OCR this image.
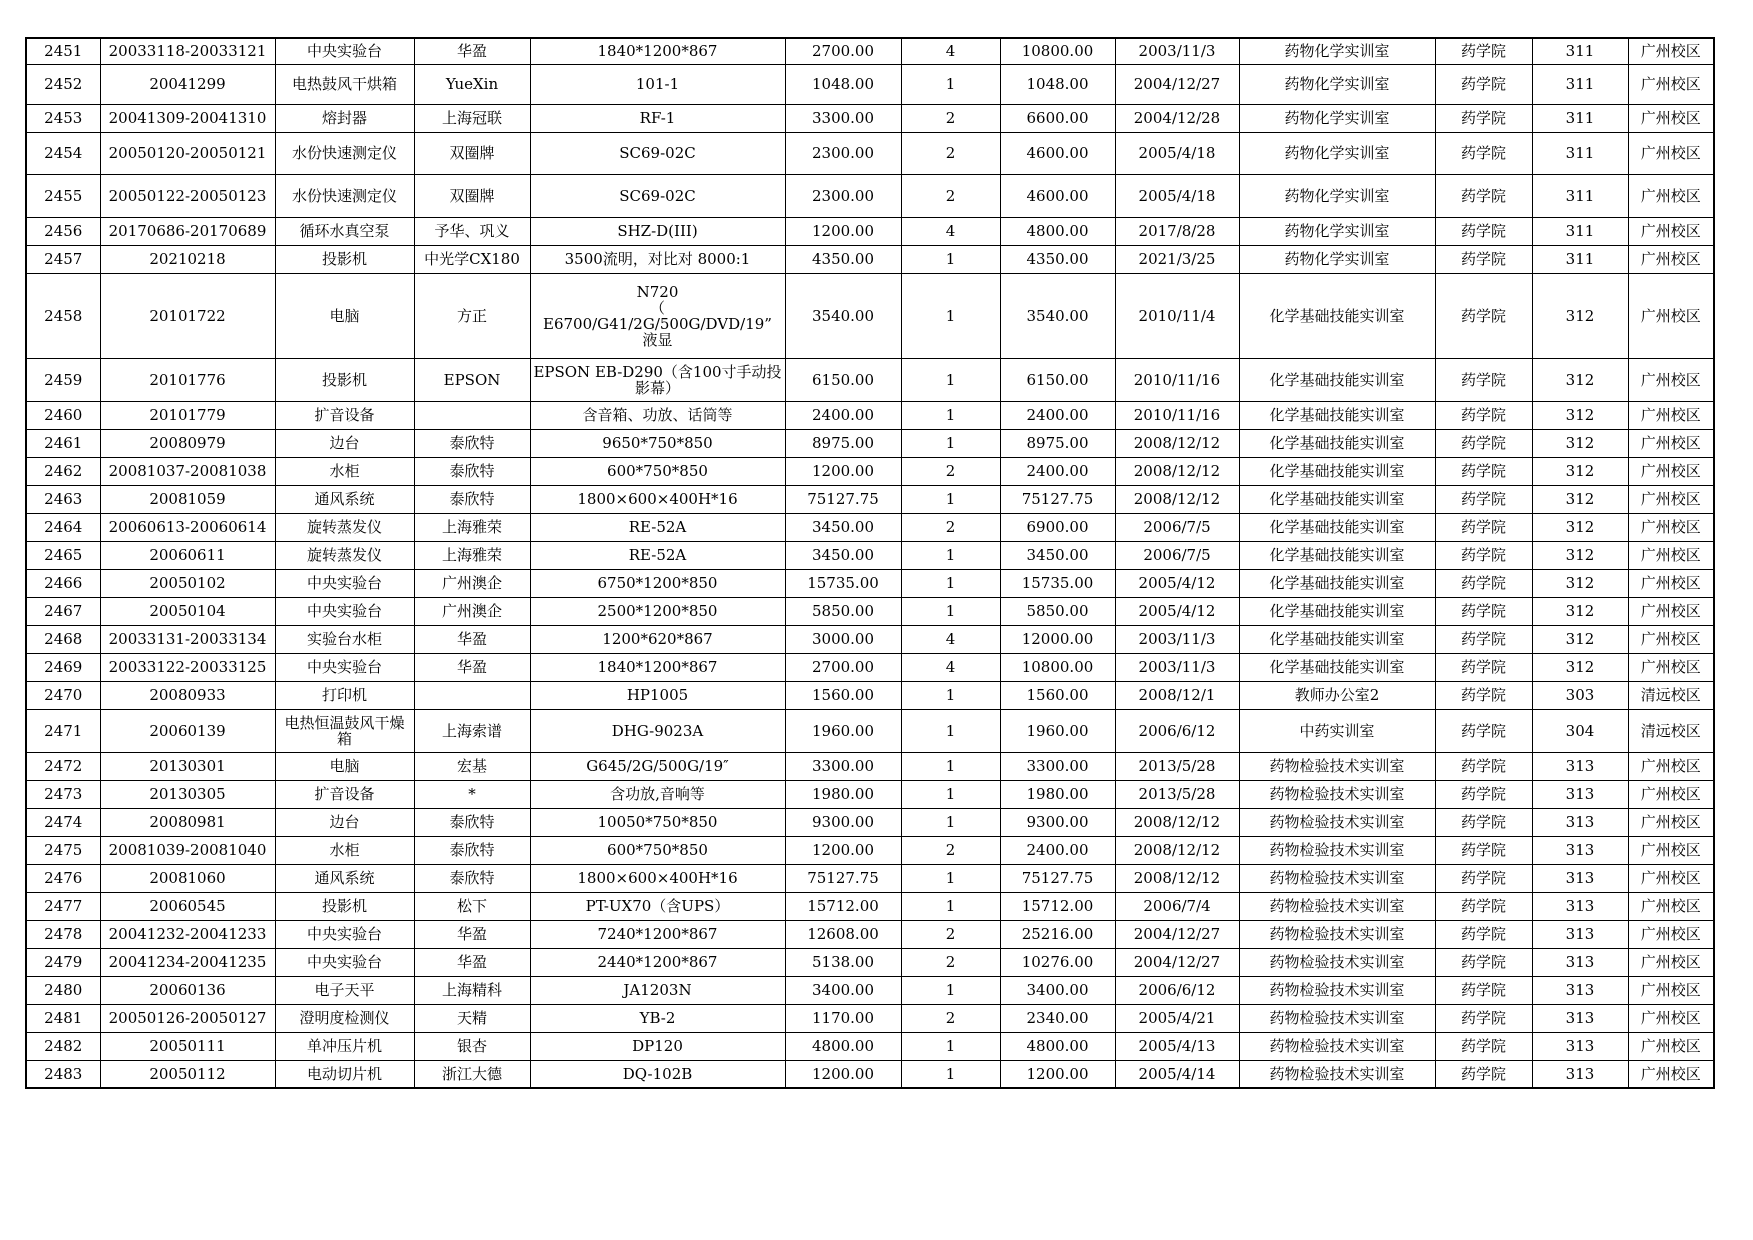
2451	20033118-20033121	中央实验台	华盈	1840*1200*867	2700.00	4	10800.00	2003/11/3	药物化学实训室	药学院	311	广州校区
2452	20041299	电热鼓风干烘箱	YueXin	101-1	1048.00	1	1048.00	2004/12/27	药物化学实训室	药学院	311	广州校区
2453	20041309-20041310	熔封器	上海冠联	RF-1	3300.00	2	6600.00	2004/12/28	药物化学实训室	药学院	311	广州校区
2454	20050120-20050121	水份快速测定仪	双圈牌	SC69-02C	2300.00	2	4600.00	2005/4/18	药物化学实训室	药学院	311	广州校区
2455	20050122-20050123	水份快速测定仪	双圈牌	SC69-02C	2300.00	2	4600.00	2005/4/18	药物化学实训室	药学院	311	广州校区
2456	20170686-20170689	循环水真空泵	予华、巩义	SHZ-D(III)	1200.00	4	4800.00	2017/8/28	药物化学实训室	药学院	311	广州校区
2457	20210218	投影机	中光学CX180	3500流明，对比对 8000:1	4350.00	1	4350.00	2021/3/25	药物化学实训室	药学院	311	广州校区
2458	20101722	电脑	方正	N720
（
E6700/G41/2G/500G/DVD/19”
液显	3540.00	1	3540.00	2010/11/4	化学基础技能实训室	药学院	312	广州校区
2459	20101776	投影机	EPSON	EPSON EB-D290（含100寸手动投影幕）	6150.00	1	6150.00	2010/11/16	化学基础技能实训室	药学院	312	广州校区
2460	20101779	扩音设备		含音箱、功放、话筒等	2400.00	1	2400.00	2010/11/16	化学基础技能实训室	药学院	312	广州校区
2461	20080979	边台	泰欣特	9650*750*850	8975.00	1	8975.00	2008/12/12	化学基础技能实训室	药学院	312	广州校区
2462	20081037-20081038	水柜	泰欣特	600*750*850	1200.00	2	2400.00	2008/12/12	化学基础技能实训室	药学院	312	广州校区
2463	20081059	通风系统	泰欣特	1800×600×400H*16	75127.75	1	75127.75	2008/12/12	化学基础技能实训室	药学院	312	广州校区
2464	20060613-20060614	旋转蒸发仪	上海雅荣	RE-52A	3450.00	2	6900.00	2006/7/5	化学基础技能实训室	药学院	312	广州校区
2465	20060611	旋转蒸发仪	上海雅荣	RE-52A	3450.00	1	3450.00	2006/7/5	化学基础技能实训室	药学院	312	广州校区
2466	20050102	中央实验台	广州澳企	6750*1200*850	15735.00	1	15735.00	2005/4/12	化学基础技能实训室	药学院	312	广州校区
2467	20050104	中央实验台	广州澳企	2500*1200*850	5850.00	1	5850.00	2005/4/12	化学基础技能实训室	药学院	312	广州校区
2468	20033131-20033134	实验台水柜	华盈	1200*620*867	3000.00	4	12000.00	2003/11/3	化学基础技能实训室	药学院	312	广州校区
2469	20033122-20033125	中央实验台	华盈	1840*1200*867	2700.00	4	10800.00	2003/11/3	化学基础技能实训室	药学院	312	广州校区
2470	20080933	打印机		HP1005	1560.00	1	1560.00	2008/12/1	教师办公室2	药学院	303	清远校区
2471	20060139	电热恒温鼓风干燥箱	上海索谱	DHG-9023A	1960.00	1	1960.00	2006/6/12	中药实训室	药学院	304	清远校区
2472	20130301	电脑	宏基	G645/2G/500G/19″	3300.00	1	3300.00	2013/5/28	药物检验技术实训室	药学院	313	广州校区
2473	20130305	扩音设备	*	含功放,音响等	1980.00	1	1980.00	2013/5/28	药物检验技术实训室	药学院	313	广州校区
2474	20080981	边台	泰欣特	10050*750*850	9300.00	1	9300.00	2008/12/12	药物检验技术实训室	药学院	313	广州校区
2475	20081039-20081040	水柜	泰欣特	600*750*850	1200.00	2	2400.00	2008/12/12	药物检验技术实训室	药学院	313	广州校区
2476	20081060	通风系统	泰欣特	1800×600×400H*16	75127.75	1	75127.75	2008/12/12	药物检验技术实训室	药学院	313	广州校区
2477	20060545	投影机	松下	PT-UX70（含UPS）	15712.00	1	15712.00	2006/7/4	药物检验技术实训室	药学院	313	广州校区
2478	20041232-20041233	中央实验台	华盈	7240*1200*867	12608.00	2	25216.00	2004/12/27	药物检验技术实训室	药学院	313	广州校区
2479	20041234-20041235	中央实验台	华盈	2440*1200*867	5138.00	2	10276.00	2004/12/27	药物检验技术实训室	药学院	313	广州校区
2480	20060136	电子天平	上海精科	JA1203N	3400.00	1	3400.00	2006/6/12	药物检验技术实训室	药学院	313	广州校区
2481	20050126-20050127	澄明度检测仪	天精	YB-2	1170.00	2	2340.00	2005/4/21	药物检验技术实训室	药学院	313	广州校区
2482	20050111	单冲压片机	银杏	DP120	4800.00	1	4800.00	2005/4/13	药物检验技术实训室	药学院	313	广州校区
2483	20050112	电动切片机	浙江大德	DQ-102B	1200.00	1	1200.00	2005/4/14	药物检验技术实训室	药学院	313	广州校区
